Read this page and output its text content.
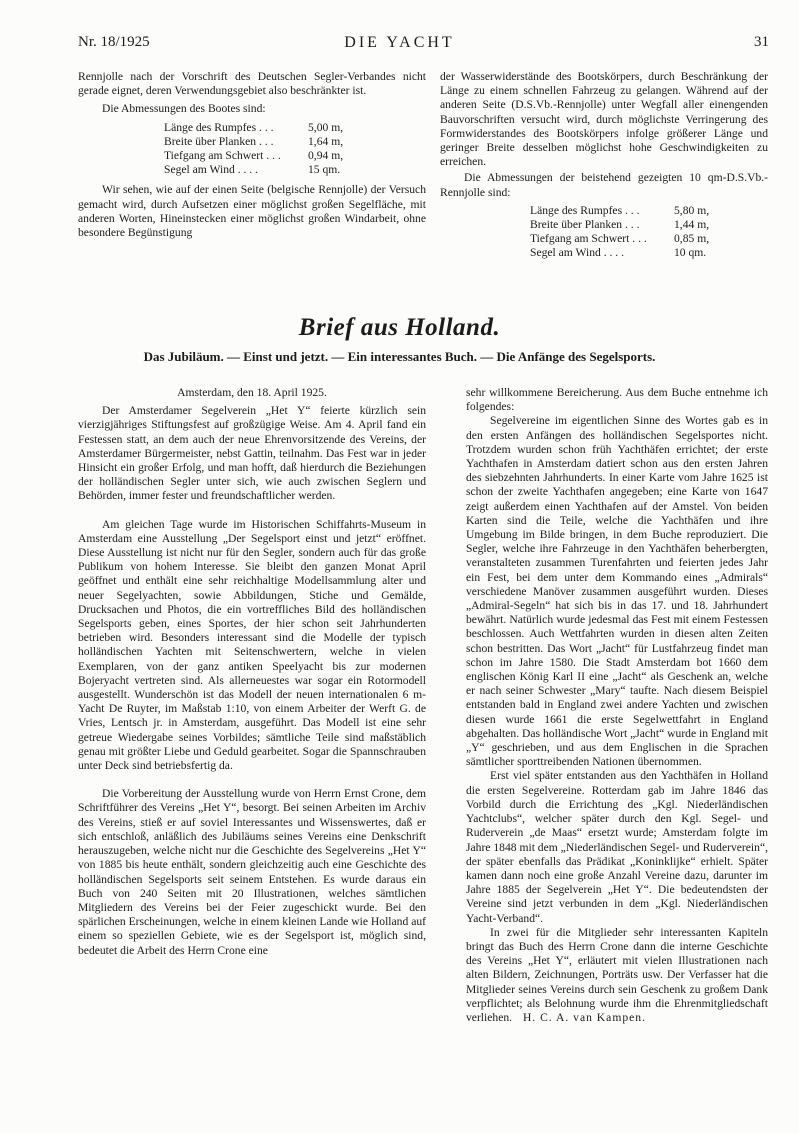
Nr. 18/1925	DIE YACHT	31

Rennjolle nach der Vorschrift des Deutschen Segler-Verbandes nicht gerade eignet, deren Verwendungsgebiet also beschränkter ist.

Die Abmessungen des Bootes sind:

Länge des Rumpfes . . .	5,00 m,
Breite über Planken . . .	1,64 m,
Tiefgang am Schwert . . .	0,94 m,
Segel am Wind . . . .	15 qm.

Wir sehen, wie auf der einen Seite (belgische Rennjolle) der Versuch gemacht wird, durch Aufsetzen einer möglichst großen Segelfläche, mit anderen Worten, Hineinstecken einer möglichst großen Windarbeit, ohne besondere Begünstigung

der Wasserwiderstände des Bootskörpers, durch Beschränkung der Länge zu einem schnellen Fahrzeug zu gelangen. Während auf der anderen Seite (D.S.Vb.-Rennjolle) unter Wegfall aller einengenden Bauvorschriften versucht wird, durch möglichste Verringerung des Formwiderstandes des Bootskörpers infolge größerer Länge und geringer Breite desselben möglichst hohe Geschwindigkeiten zu erreichen.

Die Abmessungen der beistehend gezeigten 10 qm-D.S.Vb.-Rennjolle sind:

Länge des Rumpfes . . .	5,80 m,
Breite über Planken . . .	1,44 m,
Tiefgang am Schwert . . .	0,85 m,
Segel am Wind . . . .	10 qm.
Brief aus Holland.
Das Jubiläum. — Einst und jetzt. — Ein interessantes Buch. — Die Anfänge des Segelsports.

Amsterdam, den 18. April 1925.

Der Amsterdamer Segelverein „Het Y“ feierte kürzlich sein vierzigjähriges Stiftungsfest auf großzügige Weise. Am 4. April fand ein Festessen statt, an dem auch der neue Ehrenvorsitzende des Vereins, der Amsterdamer Bürgermeister, nebst Gattin, teilnahm. Das Fest war in jeder Hinsicht ein großer Erfolg, und man hofft, daß hierdurch die Beziehungen der holländischen Segler unter sich, wie auch zwischen Seglern und Behörden, immer fester und freundschaftlicher werden.

Am gleichen Tage wurde im Historischen Schiffahrts-Museum in Amsterdam eine Ausstellung „Der Segelsport einst und jetzt“ eröffnet. Diese Ausstellung ist nicht nur für den Segler, sondern auch für das große Publikum von hohem Interesse. Sie bleibt den ganzen Monat April geöffnet und enthält eine sehr reichhaltige Modellsammlung alter und neuer Segelyachten, sowie Abbildungen, Stiche und Gemälde, Drucksachen und Photos, die ein vortreffliches Bild des holländischen Segelsports geben, eines Sportes, der hier schon seit Jahrhunderten betrieben wird. Besonders interessant sind die Modelle der typisch holländischen Yachten mit Seitenschwertern, welche in vielen Exemplaren, von der ganz antiken Speelyacht bis zur modernen Bojeryacht vertreten sind. Als allerneuestes war sogar ein Rotormodell ausgestellt. Wunderschön ist das Modell der neuen internationalen 6 m-Yacht De Ruyter, im Maßstab 1:10, von einem Arbeiter der Werft G. de Vries, Lentsch jr. in Amsterdam, ausgeführt. Das Modell ist eine sehr getreue Wiedergabe seines Vorbildes; sämtliche Teile sind maßstäblich genau mit größter Liebe und Geduld gearbeitet. Sogar die Spannschrauben unter Deck sind betriebsfertig da.

Die Vorbereitung der Ausstellung wurde von Herrn Ernst Crone, dem Schriftführer des Vereins „Het Y“, besorgt. Bei seinen Arbeiten im Archiv des Vereins, stieß er auf soviel Interessantes und Wissenswertes, daß er sich entschloß, anläßlich des Jubiläums seines Vereins eine Denkschrift herauszugeben, welche nicht nur die Geschichte des Segelvereins „Het Y“ von 1885 bis heute enthält, sondern gleichzeitig auch eine Geschichte des holländischen Segelsports seit seinem Entstehen. Es wurde daraus ein Buch von 240 Seiten mit 20 Illustrationen, welches sämtlichen Mitgliedern des Vereins bei der Feier zugeschickt wurde. Bei den spärlichen Erscheinungen, welche in einem kleinen Lande wie Holland auf einem so speziellen Gebiete, wie es der Segelsport ist, möglich sind, bedeutet die Arbeit des Herrn Crone eine

sehr willkommene Bereicherung. Aus dem Buche entnehme ich folgendes:

Segelvereine im eigentlichen Sinne des Wortes gab es in den ersten Anfängen des holländischen Segelsportes nicht. Trotzdem wurden schon früh Yachthäfen errichtet; der erste Yachthafen in Amsterdam datiert schon aus den ersten Jahren des siebzehnten Jahrhunderts. In einer Karte vom Jahre 1625 ist schon der zweite Yachthafen angegeben; eine Karte von 1647 zeigt außerdem einen Yachthafen auf der Amstel. Von beiden Karten sind die Teile, welche die Yachthäfen und ihre Umgebung im Bilde bringen, in dem Buche reproduziert. Die Segler, welche ihre Fahrzeuge in den Yachthäfen beherbergten, veranstalteten zusammen Turenfahrten und feierten jedes Jahr ein Fest, bei dem unter dem Kommando eines „Admirals“ verschiedene Manöver zusammen ausgeführt wurden. Dieses „Admiral-Segeln“ hat sich bis in das 17. und 18. Jahrhundert bewährt. Natürlich wurde jedesmal das Fest mit einem Festessen beschlossen. Auch Wettfahrten wurden in diesen alten Zeiten schon bestritten. Das Wort „Jacht“ für Lustfahrzeug findet man schon im Jahre 1580. Die Stadt Amsterdam bot 1660 dem englischen König Karl II eine „Jacht“ als Geschenk an, welche er nach seiner Schwester „Mary“ taufte. Nach diesem Beispiel entstanden bald in England zwei andere Yachten und zwischen diesen wurde 1661 die erste Segelwettfahrt in England abgehalten. Das holländische Wort „Jacht“ wurde in England mit „Y“ geschrieben, und aus dem Englischen in die Sprachen sämtlicher sporttreibenden Nationen übernommen.

Erst viel später entstanden aus den Yachthäfen in Holland die ersten Segelvereine. Rotterdam gab im Jahre 1846 das Vorbild durch die Errichtung des „Kgl. Niederländischen Yachtclubs“, welcher später durch den Kgl. Segel- und Ruderverein „de Maas“ ersetzt wurde; Amsterdam folgte im Jahre 1848 mit dem „Niederländischen Segel- und Ruderverein“, der später ebenfalls das Prädikat „Koninklijke“ erhielt. Später kamen dann noch eine große Anzahl Vereine dazu, darunter im Jahre 1885 der Segelverein „Het Y“. Die bedeutendsten der Vereine sind jetzt verbunden in dem „Kgl. Niederländischen Yacht-Verband“.

In zwei für die Mitglieder sehr interessanten Kapiteln bringt das Buch des Herrn Crone dann die interne Geschichte des Vereins „Het Y“, erläutert mit vielen Illustrationen nach alten Bildern, Zeichnungen, Porträts usw. Der Verfasser hat die Mitglieder seines Vereins durch sein Geschenk zu großem Dank verpflichtet; als Belohnung wurde ihm die Ehrenmitgliedschaft verliehen. H. C. A. van Kampen.
